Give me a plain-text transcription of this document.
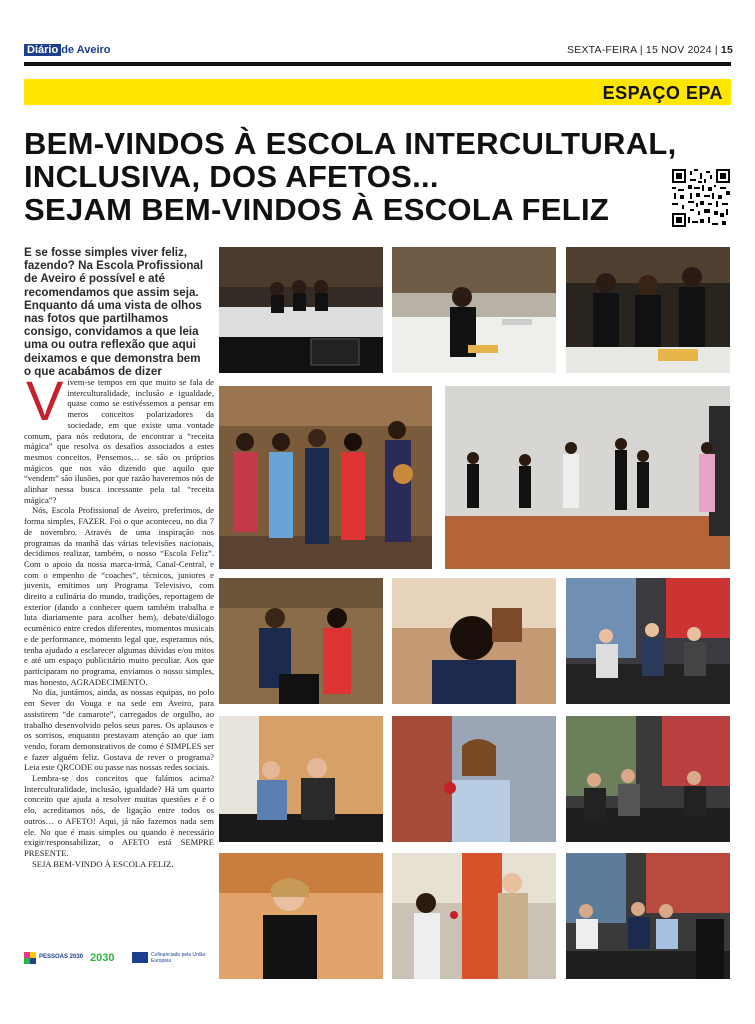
Diário de Aveiro	SEXTA-FEIRA | 15 NOV 2024 | 15
ESPAÇO EPA
BEM-VINDOS À ESCOLA INTERCULTURAL,
INCLUSIVA, DOS AFETOS...
SEJAM BEM-VINDOS À ESCOLA FELIZ
E se fosse simples viver feliz, fazendo? Na Escola Profissional de Aveiro é possível e até recomendamos que assim seja. Enquanto dá uma vista de olhos nas fotos que partilhamos consigo, convidamos a que leia uma ou outra reflexão que aqui deixamos e que demonstra bem o que acabámos de dizer

Vivem-se tempos em que muito se fala de interculturalidade, inclusão e igualdade, quase como se estivéssemos a pensar em meros conceitos polarizadores da sociedade, em que existe uma vontade comum, para nós redutora, de encontrar a “receita mágica” que resolva os desafios associados a estes mesmos conceitos. Pensemos… se são os próprios mágicos que nos vão dizendo que aquilo que “vendem” são ilusões, por que razão haveremos nós de alinhar nessa busca incessante pela tal “receita mágica”?

Nós, Escola Profissional de Aveiro, preferimos, de forma simples, FAZER. Foi o que aconteceu, no dia 7 de novembro. Através de uma inspiração nos programas da manhã das várias televisões nacionais, decidimos realizar, também, o nosso “Escola Feliz”. Com o apoio da nossa marca-irmã, Canal-Central, e com o empenho de “coaches”, técnicos, juniores e juvenis, emitimos um Programa Televisivo, com direito a culinária do mundo, tradições, reportagem de exterior (dando a conhecer quem também trabalha e luta diariamente para acolher bem), debate/diálogo ecuménico entre credos diferentes, momentos musicais e de performance, momento legal que, esperamos nós, tenha ajudado a esclarecer algumas dúvidas e/ou mitos e até um espaço publicitário muito peculiar. Aos que participaram no programa, enviamos o nosso simples, mas honesto, AGRADECIMENTO.

No dia, juntámos, ainda, as nossas equipas, no polo em Sever do Vouga e na sede em Aveiro, para assistirem “de camarote”, carregados de orgulho, ao trabalho desenvolvido pelos seus pares. Os aplausos e os sorrisos, enquanto prestavam atenção ao que iam vendo, foram demonstrativos de como é SIMPLES ser e fazer alguém feliz. Gostava de rever o programa? Leia este QRCODE ou passe nas nossas redes sociais.

Lembra-se dos conceitos que falámos acima? Interculturalidade, inclusão, igualdade? Há um quarto conceito que ajuda a resolver muitas questões e é o elo, acreditamos nós, de ligação entre todos os outros… o AFETO! Aqui, já não fazemos nada sem ele. No que é mais simples ou quando é necessário exigir/responsabilizar, o AFETO está SEMPRE PRESENTE.

SEJA BEM-VINDO À ESCOLA FELIZ.

PESSOAS 2030 2030	Cofinanciado pela União Europeia
